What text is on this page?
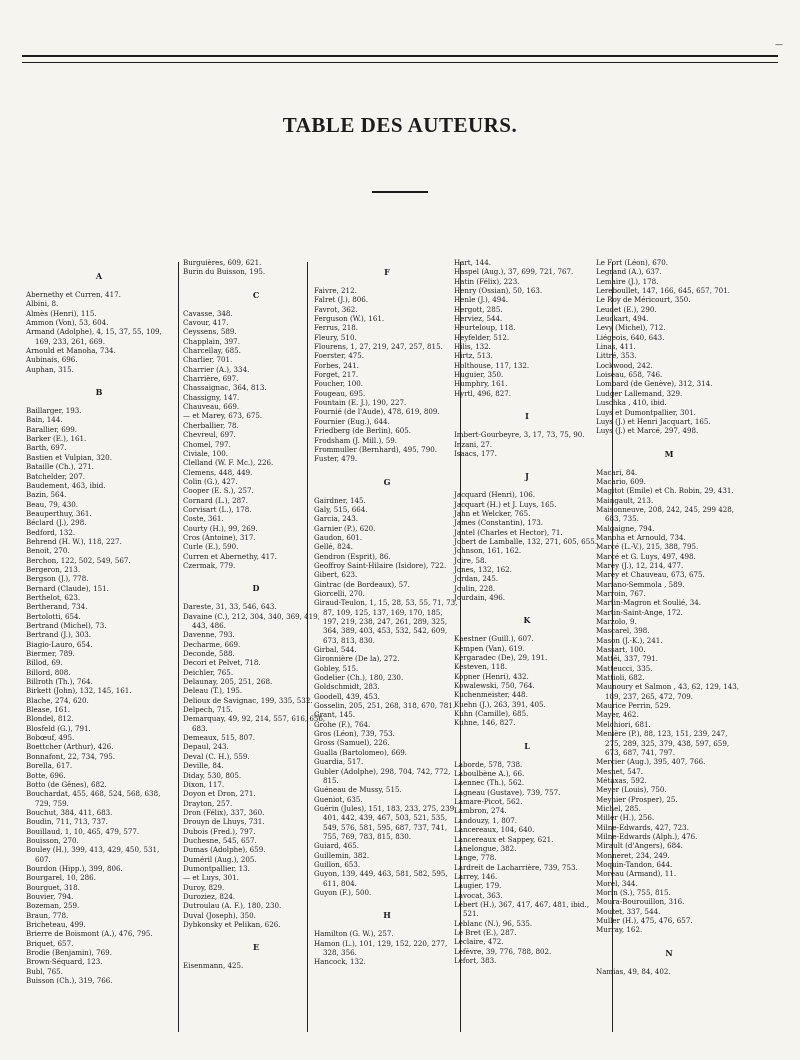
—
TABLE DES AUTEURS.
A
Abernethy et Curren, 417.
Albini, 8.
Almès (Henri), 115.
Ammon (Von), 53, 604.
Armand (Adolphe), 4, 15, 37, 55, 109, 169, 233, 261, 669.
Arnould et Manoha, 734.
Aubinais, 696.
Auphan, 315.
B
Baillarger, 193.
Bain, 144.
Barallier, 699.
Barker (E.), 161.
Barth, 697.
Bastien et Vulpian, 320.
Bataille (Ch.), 271.
Batchelder, 207.
Baudement, 463, ibid.
Bazin, 564.
Beau, 79, 430.
Beauperthuy, 361.
Béclard (J.), 298.
Bedford, 132.
Behrend (H. W.), 118, 227.
Benoit, 270.
Berchon, 122, 502, 549, 567.
Bergeron, 213.
Bergson (J.), 778.
Bernard (Claude), 151.
Berthelot, 623.
Bertherand, 734.
Bertolotti, 654.
Bertrand (Michel), 73.
Bertrand (J.), 303.
Biagio-Lauro, 654.
Biermer, 789.
Billod, 69.
Billord, 808.
Billroth (Th.), 764.
Birkett (John), 132, 145, 161.
Blache, 274, 620.
Blease, 161.
Blondel, 812.
Blosfeld (G.), 791.
Bobœuf, 495.
Boettcher (Arthur), 426.
Bonnafont, 22, 734, 795.
Borella, 617.
Botte, 696.
Botto (de Gênes), 682.
Bouchardat, 455, 468, 524, 568, 638, 729, 759.
Bouchut, 384, 411, 683.
Boudin, 711, 713, 737.
Bouillaud, 1, 10, 465, 479, 577.
Bouisson, 270.
Bouley (H.), 399, 413, 429, 450, 531, 607.
Bourdon (Hipp.), 399, 806.
Bourgarel, 10, 286.
Bourguet, 318.
Bouvier, 794.
Bozeman, 259.
Braun, 778.
Bricheteau, 499.
Brierre de Boismont (A.), 476, 795.
Briquet, 657.
Brodie (Benjamin), 769.
Brown-Séquard, 123.
Bubl, 765.
Buisson (Ch.), 319, 766.
Burguières, 609, 621.
Burin du Buisson, 195.
C
Cavasse, 348.
Cavour, 417.
Ceyssens, 589.
Chapplain, 397.
Charcellay, 685.
Charlier, 701.
Charrier (A.), 334.
Charrière, 697.
Chassaignac, 364, 813.
Chassigny, 147.
Chauveau, 669.
— et Marey, 673, 675.
Cherballier, 78.
Chevreul, 697.
Chomel, 797.
Civiale, 100.
Clelland (W. F. Mc.), 226.
Clemens, 448, 449.
Colin (G.), 427.
Cooper (E. S.), 257.
Cornard (L.), 287.
Corvisart (L.), 178.
Coste, 361.
Courty (H.), 99, 269.
Cros (Antoine), 317.
Curle (E.), 590.
Curren et Abernethy, 417.
Czermak, 779.
D
Dareste, 31, 33, 546, 643.
Davaine (C.), 212, 304, 340, 369, 419, 443, 486.
Davenne, 793.
Decharme, 669.
Deconde, 588.
Decori et Pelvet, 718.
Deichler, 765.
Delaunay, 205, 251, 268.
Deleau (T.), 195.
Delioux de Savignac, 199, 335, 532.
Delpech, 715.
Demarquay, 49, 92, 214, 557, 616, 656, 683.
Demeaux, 515, 807.
Depaul, 243.
Deval (C. H.), 559.
Deville, 84.
Diday, 530, 805.
Dixon, 117.
Doyon et Dron, 271.
Drayton, 257.
Dron (Félix), 337, 360.
Drouyn de Lhuys, 731.
Dubois (Fred.), 797.
Duchesne, 545, 657.
Dumas (Adolphe), 659.
Duméril (Aug.), 205.
Dumontpallier, 13.
— et Luys, 301.
Duroy, 829.
Duroziez, 824.
Dutroulau (A. F.), 180, 230.
Duval (Joseph), 350.
Dybkonsky et Pelikan, 626.
E
Eisenmann, 425.
F
Faivre, 212.
Falret (J.), 806.
Favrot, 362.
Ferguson (W.), 161.
Ferrus, 218.
Fleury, 510.
Flourens, 1, 27, 219, 247, 257, 815.
Foerster, 475.
Forbes, 241.
Forget, 217.
Foucher, 100.
Fougeau, 695.
Fountain (E. J.), 190, 227.
Fournié (de l'Aude), 478, 619, 809.
Fournier (Eug.), 644.
Friedberg (de Berlin), 605.
Frodsham (J. Mill.), 59.
Frommuller (Bernhard), 495, 790.
Fuster, 479.
G
Gairdner, 145.
Galy, 515, 664.
Garcia, 243.
Garnier (P.), 620.
Gaudon, 601.
Gellé, 824.
Gendron (Esprit), 86.
Geoffroy Saint-Hilaire (Isidore), 722.
Gibert, 623.
Gintrac (de Bordeaux), 57.
Giorcelli, 270.
Giraud-Teulon, 1, 15, 28, 53, 55, 71, 73, 87, 109, 125, 137, 169, 170, 185, 197, 219, 238, 247, 261, 289, 325, 364, 389, 403, 453, 532, 542, 609, 673, 813, 830.
Girbal, 544.
Gironnière (De la), 272.
Gobley, 515.
Godelier (Ch.), 180, 230.
Goldschmidt, 283.
Goodell, 439, 453.
Gosselin, 205, 251, 268, 318, 670, 781.
Grant, 145.
Grohe (F.), 764.
Gros (Léon), 739, 753.
Gross (Samuel), 226.
Gualla (Bartolomeo), 669.
Guardia, 517.
Gubler (Adolphe), 298, 704, 742, 772, 815.
Guéneau de Mussy, 515.
Gueniot, 635.
Guérin (Jules), 151, 183, 233, 275, 239, 401, 442, 439, 467, 503, 521, 535, 549, 576, 581, 595, 687, 737, 741, 755, 769, 783, 815, 830.
Guiard, 465.
Guillemin, 382.
Guillon, 653.
Guyon, 139, 449, 463, 581, 582, 595, 611, 804.
Guyon (F.), 500.
H
Hamilton (G. W.), 257.
Hamon (L.), 101, 129, 152, 220, 277, 328, 356.
Hancock, 132.
Hart, 144.
Haspel (Aug.), 37, 699, 721, 767.
Hatin (Félix), 223.
Henry (Ossian), 50, 163.
Henle (J.), 494.
Hergott, 285.
Herviez, 544.
Heurteloup, 118.
Heyfelder, 512.
Hilis, 132.
Hirtz, 513.
Holthouse, 117, 132.
Huguier, 350.
Humphry, 161.
Hyrtl, 496, 827.
I
Imbert-Gourbeyre, 3, 17, 73, 75, 90.
Inzani, 27.
Isaacs, 177.
J
Jacquard (Henri), 106.
Jacquart (H.) et J. Luys, 165.
Jahn et Welcker, 765.
James (Constantin), 173.
Jantel (Charles et Hector), 71.
Jobert de Lamballe, 132, 271, 605, 655.
Johnson, 161, 162.
Joire, 58.
Jones, 132, 162.
Jordan, 245.
Joulin, 228.
Jourdain, 496.
K
Kaestner (Guill.), 607.
Kempen (Van), 619.
Kergaradec (De), 29, 191.
Kesteven, 118.
Kopner (Henri), 432.
Kowalewski, 750, 764.
Kuchenmeister, 448.
Kuehn (J.), 263, 391, 405.
Kuhn (Camille), 685.
Kuhne, 146, 827.
L
Laborde, 578, 738.
Laboulbène A.), 66.
Laennec (Th.), 562.
Lagneau (Gustave), 739, 757.
Lamare-Picot, 562.
Lambron, 274.
Landouzy, 1, 807.
Lancereaux, 104, 640.
Lancereaux et Sappey, 621.
Lanelongue, 382.
Lange, 778.
Lardreit de Lacharrière, 739, 753.
Larrey, 146.
Laugier, 179.
Lavocat, 363.
Lebert (H.), 367, 417, 467, 481, ibid., 521.
Leblanc (N.), 96, 535.
Le Bret (E.), 287.
Leclaire, 472.
Lefèvre, 39, 776, 788, 802.
Lefort, 383.
Le Fort (Léon), 670.
Legrand (A.), 637.
Lemaire (J.), 178.
Lereboullet, 147, 166, 645, 657, 701.
Le Roy de Méricourt, 350.
Leudet (E.), 290.
Leuckart, 494.
Levy (Michel), 712.
Liégeois, 640, 643.
Linas, 411.
Littré, 353.
Lockwood, 242.
Loiseau, 658, 746.
Lombard (de Genève), 312, 314.
Ludger Lallemand, 329.
Luschka , 410, ibid.
Luys et Dumontpallier, 301.
Luys (J.) et Henri Jacquart, 165.
Luys (J.) et Marcé, 297, 498.
M
Macari, 84.
Macario, 609.
Magitot (Emile) et Ch. Robin, 29, 431.
Maingault, 213.
Maisonneuve, 208, 242, 245, 299 428, 683, 735.
Malgaigne, 794.
Manoha et Arnould, 734.
Marcé (L.-V.), 215, 388, 795.
Marcé et G. Luys, 497, 498.
Marey (J.), 12, 214, 477.
Marey et Chauveau, 673, 675.
Mariano-Semmola , 589.
Marroin, 767.
Martin-Magron et Soulié, 34.
Martin-Saint-Ange, 172.
Marzolo, 9.
Mascarel, 398.
Mason (J.-K.), 241.
Massart, 100.
Mattéi, 337, 791.
Matteucci, 335.
Mattioli, 682.
Maunoury et Salmon , 43, 62, 129, 143, 189, 237, 265, 472, 709.
Maurice Perrin, 529.
Mayer, 462.
Melchiori, 681.
Menière (P.), 88, 123, 151, 239, 247, 275, 289, 325, 379, 438, 597, 659, 673, 687, 741, 797.
Mercier (Aug.), 395, 407, 766.
Mesnet, 547.
Métaxas, 592.
Meyer (Louis), 750.
Meynier (Prosper), 25.
Michel, 285.
Miller (H.), 256.
Milne-Edwards, 427, 723.
Milne-Edwards (Alph.), 476.
Mirault (d'Angers), 684.
Monneret, 234, 249.
Moquin-Tandon, 644.
Moreau (Armand), 11.
Morel, 344.
Morin (S.), 755, 815.
Moura-Bourouillon, 316.
Moutet, 337, 544.
Muller (H.), 475, 476, 657.
Murray, 162.
N
Namias, 49, 84, 402.
